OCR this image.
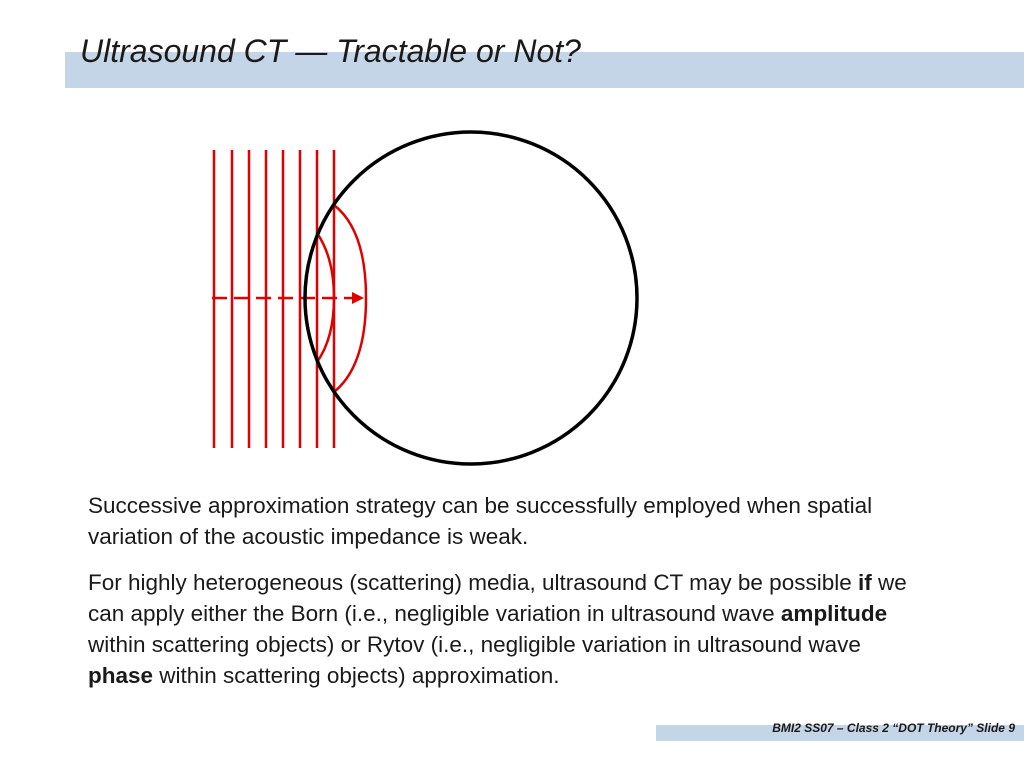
Ultrasound CT — Tractable or Not?
Successive approximation strategy can be successfully employed when spatial variation of the acoustic impedance is weak.
For highly heterogeneous (scattering) media, ultrasound CT may be possible if we can apply either the Born (i.e., negligible variation in ultrasound wave amplitude within scattering objects) or Rytov (i.e., negligible variation in ultrasound wave phase within scattering objects) approximation.
BMI2 SS07 – Class 2 “DOT Theory” Slide 9
